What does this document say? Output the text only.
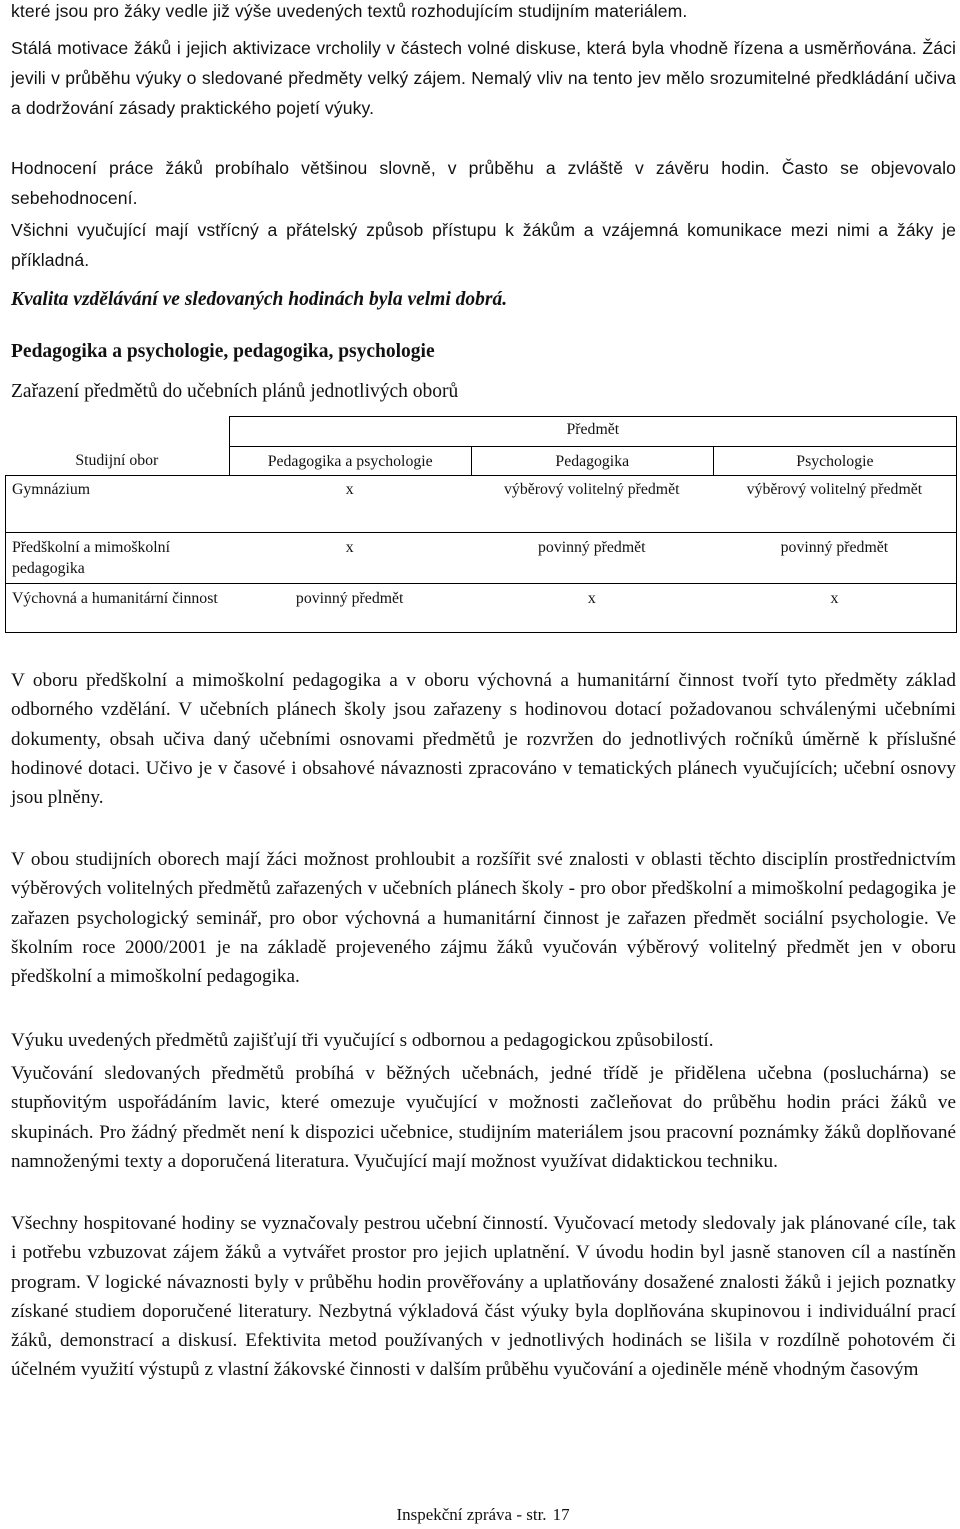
které jsou pro žáky vedle již výše uvedených textů rozhodujícím studijním materiálem.

Stálá motivace žáků i jejich aktivizace vrcholily v částech volné diskuse, která byla vhodně řízena a usměrňována. Žáci jevili v průběhu výuky o sledované předměty velký zájem. Nemalý vliv na tento jev mělo srozumitelné předkládání učiva a dodržování zásady praktického pojetí výuky.

Hodnocení práce žáků probíhalo většinou slovně, v průběhu a zvláště v závěru hodin. Často se objevovalo sebehodnocení.

Všichni vyučující mají vstřícný a přátelský způsob přístupu k žákům a vzájemná komunikace mezi nimi a žáky je příkladná.

Kvalita vzdělávání ve sledovaných hodinách byla velmi dobrá.

Pedagogika a psychologie, pedagogika, psychologie
Zařazení předmětů do učebních plánů jednotlivých oborů
	Předmět		
Studijní obor	Pedagogika a psychologie	Pedagogika	Psychologie
Gymnázium	x	výběrový volitelný předmět	výběrový volitelný předmět
Předškolní a mimoškolní pedagogika	x	povinný předmět	povinný předmět
Výchovná a humanitární činnost	povinný předmět	x	x

V oboru předškolní a mimoškolní pedagogika a v oboru výchovná a humanitární činnost tvoří tyto předměty základ odborného vzdělání. V učebních plánech školy jsou zařazeny s hodinovou dotací požadovanou schválenými učebními dokumenty, obsah učiva daný učebními osnovami předmětů je rozvržen do jednotlivých ročníků úměrně k příslušné hodinové dotaci. Učivo je v časové i obsahové návaznosti zpracováno v tematických plánech vyučujících; učební osnovy jsou plněny.

V obou studijních oborech mají žáci možnost prohloubit a rozšířit své znalosti v oblasti těchto disciplín prostřednictvím výběrových volitelných předmětů zařazených v učebních plánech školy - pro obor předškolní a mimoškolní pedagogika je zařazen psychologický seminář, pro obor výchovná a humanitární činnost je zařazen předmět sociální psychologie. Ve školním roce 2000/2001 je na základě projeveného zájmu žáků vyučován výběrový volitelný předmět jen v oboru předškolní a mimoškolní pedagogika.

Výuku uvedených předmětů zajišťují tři vyučující s odbornou a pedagogickou způsobilostí.

Vyučování sledovaných předmětů probíhá v běžných učebnách, jedné třídě je přidělena učebna (posluchárna) se stupňovitým uspořádáním lavic, které omezuje vyučující v možnosti začleňovat do průběhu hodin práci žáků ve skupinách. Pro žádný předmět není k dispozici učebnice, studijním materiálem jsou pracovní poznámky žáků doplňované namnoženými texty a doporučená literatura. Vyučující mají možnost využívat didaktickou techniku.

Všechny hospitované hodiny se vyznačovaly pestrou učební činností. Vyučovací metody sledovaly jak plánované cíle, tak i potřebu vzbuzovat zájem žáků a vytvářet prostor pro jejich uplatnění. V úvodu hodin byl jasně stanoven cíl a nastíněn program. V logické návaznosti byly v průběhu hodin prověřovány a uplatňovány dosažené znalosti žáků i jejich poznatky získané studiem doporučené literatury. Nezbytná výkladová část výuky byla doplňována skupinovou i individuální prací žáků, demonstrací a diskusí. Efektivita metod používaných v jednotlivých hodinách se lišila v rozdílně pohotovém či účelném využití výstupů z vlastní žákovské činnosti v dalším průběhu vyučování a ojediněle méně vhodným časovým

Inspekční zpráva - str. 17
